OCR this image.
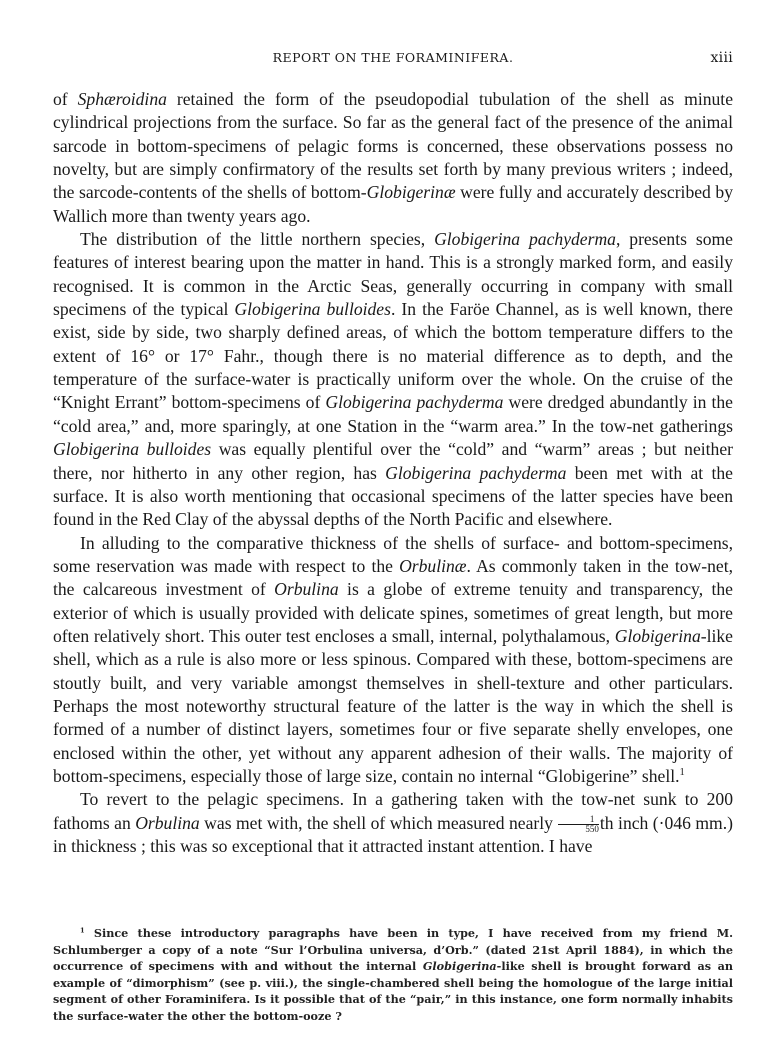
REPORT ON THE FORAMINIFERA.	xiii

of Sphæroidina retained the form of the pseudopodial tubulation of the shell as minute cylindrical projections from the surface. So far as the general fact of the presence of the animal sarcode in bottom-specimens of pelagic forms is concerned, these observations possess no novelty, but are simply confirmatory of the results set forth by many previous writers ; indeed, the sarcode-contents of the shells of bottom-Globigerinæ were fully and accurately described by Wallich more than twenty years ago.

The distribution of the little northern species, Globigerina pachyderma, presents some features of interest bearing upon the matter in hand. This is a strongly marked form, and easily recognised. It is common in the Arctic Seas, generally occurring in company with small specimens of the typical Globigerina bulloides. In the Faröe Channel, as is well known, there exist, side by side, two sharply defined areas, of which the bottom temperature differs to the extent of 16° or 17° Fahr., though there is no material difference as to depth, and the temperature of the surface-water is practically uniform over the whole. On the cruise of the “Knight Errant” bottom-specimens of Globigerina pachyderma were dredged abundantly in the “cold area,” and, more sparingly, at one Station in the “warm area.” In the tow-net gatherings Globigerina bulloides was equally plentiful over the “cold” and “warm” areas ; but neither there, nor hitherto in any other region, has Globigerina pachyderma been met with at the surface. It is also worth mentioning that occasional specimens of the latter species have been found in the Red Clay of the abyssal depths of the North Pacific and elsewhere.

In alluding to the comparative thickness of the shells of surface- and bottom-specimens, some reservation was made with respect to the Orbulinæ. As commonly taken in the tow-net, the calcareous investment of Orbulina is a globe of extreme tenuity and transparency, the exterior of which is usually provided with delicate spines, sometimes of great length, but more often relatively short. This outer test encloses a small, internal, polythalamous, Globigerina-like shell, which as a rule is also more or less spinous. Compared with these, bottom-specimens are stoutly built, and very variable amongst themselves in shell-texture and other particulars. Perhaps the most noteworthy structural feature of the latter is the way in which the shell is formed of a number of distinct layers, sometimes four or five separate shelly envelopes, one enclosed within the other, yet without any apparent adhesion of their walls. The majority of bottom-specimens, especially those of large size, contain no internal “Globigerine” shell.$^1$

To revert to the pelagic specimens. In a gathering taken with the tow-net sunk to 200 fathoms an Orbulina was met with, the shell of which measured nearly $\frac{1}{550}$ th inch (·046 mm.) in thickness ; this was so exceptional that it attracted instant attention. I have

$^1$ Since these introductory paragraphs have been in type, I have received from my friend M. Schlumberger a copy of a note “Sur l’Orbulina universa, d’Orb.” (dated 21st April 1884), in which the occurrence of specimens with and without the internal Globigerina-like shell is brought forward as an example of “dimorphism” (see p. viii.), the single-chambered shell being the homologue of the large initial segment of other Foraminifera. Is it possible that of the “pair,” in this instance, one form normally inhabits the surface-water the other the bottom-ooze ?
